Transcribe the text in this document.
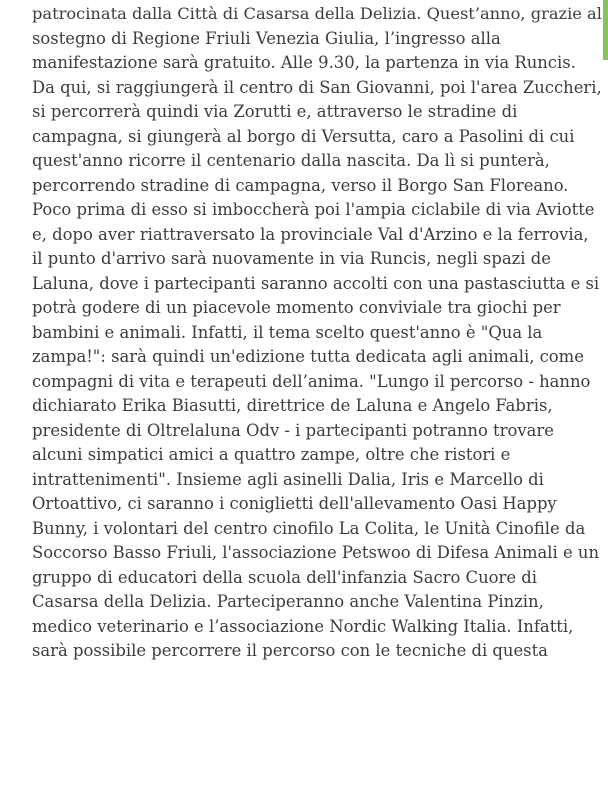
patrocinata dalla Città di Casarsa della Delizia. Quest’anno, grazie al
sostegno di Regione Friuli Venezia Giulia, l’ingresso alla
manifestazione sarà gratuito. Alle 9.30, la partenza in via Runcis.
Da qui, si raggiungerà il centro di San Giovanni, poi l'area Zuccheri,
si percorrerà quindi via Zorutti e, attraverso le stradine di
campagna, si giungerà al borgo di Versutta, caro a Pasolini di cui
quest'anno ricorre il centenario dalla nascita. Da lì si punterà,
percorrendo stradine di campagna, verso il Borgo San Floreano.
Poco prima di esso si imboccherà poi l'ampia ciclabile di via Aviotte
e, dopo aver riattraversato la provinciale Val d'Arzino e la ferrovia,
il punto d'arrivo sarà nuovamente in via Runcis, negli spazi de
Laluna, dove i partecipanti saranno accolti con una pastasciutta e si
potrà godere di un piacevole momento conviviale tra giochi per
bambini e animali. Infatti, il tema scelto quest'anno è "Qua la
zampa!": sarà quindi un'edizione tutta dedicata agli animali, come
compagni di vita e terapeuti dell’anima. "Lungo il percorso - hanno
dichiarato Erika Biasutti, direttrice de Laluna e Angelo Fabris,
presidente di Oltrelaluna Odv - i partecipanti potranno trovare
alcuni simpatici amici a quattro zampe, oltre che ristori e
intrattenimenti". Insieme agli asinelli Dalia, Iris e Marcello di
Ortoattivo, ci saranno i coniglietti dell'allevamento Oasi Happy
Bunny, i volontari del centro cinofilo La Colita, le Unità Cinofile da
Soccorso Basso Friuli, l'associazione Petswoo di Difesa Animali e un
gruppo di educatori della scuola dell'infanzia Sacro Cuore di
Casarsa della Delizia. Parteciperanno anche Valentina Pinzin,
medico veterinario e l’associazione Nordic Walking Italia. Infatti,
sarà possibile percorrere il percorso con le tecniche di questa
